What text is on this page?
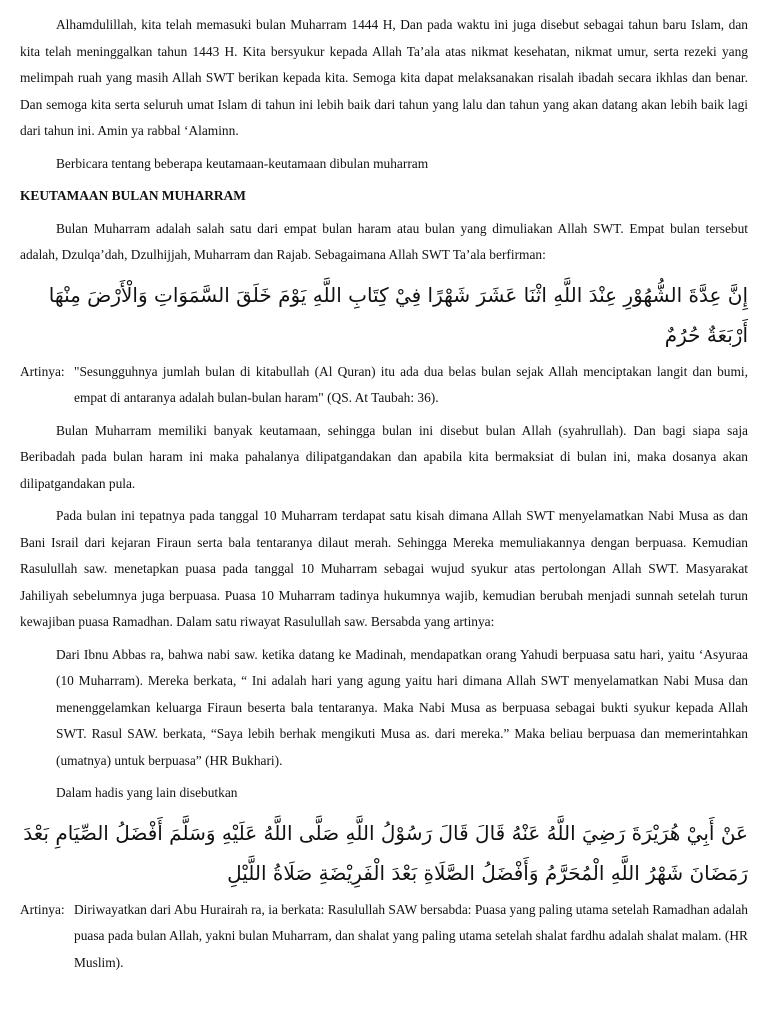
Alhamdulillah, kita telah memasuki bulan Muharram 1444 H, Dan pada waktu ini juga disebut sebagai tahun baru Islam, dan kita telah meninggalkan tahun 1443 H. Kita bersyukur kepada Allah Ta’ala atas nikmat kesehatan, nikmat umur, serta rezeki yang melimpah ruah yang masih Allah SWT berikan kepada kita. Semoga kita dapat melaksanakan risalah ibadah secara ikhlas dan benar. Dan semoga kita serta seluruh umat Islam di tahun ini lebih baik dari tahun yang lalu dan tahun yang akan datang akan lebih baik lagi dari tahun ini. Amin ya rabbal ‘Alaminn.

Berbicara tentang beberapa keutamaan-keutamaan dibulan muharram

KEUTAMAAN BULAN MUHARRAM

Bulan Muharram adalah salah satu dari empat bulan haram atau bulan yang dimuliakan Allah SWT. Empat bulan tersebut adalah, Dzulqa’dah, Dzulhijjah, Muharram dan Rajab. Sebagaimana Allah SWT Ta’ala berfirman:

إِنَّ عِدَّةَ الشُّهُوْرِ عِنْدَ اللَّهِ اثْنَا عَشَرَ شَهْرًا فِيْ كِتَابِ اللَّهِ يَوْمَ خَلَقَ السَّمَوَاتِ وَالْأَرْضَ مِنْهَا أَرْبَعَةٌ حُرُمٌ

Artinya: "Sesungguhnya jumlah bulan di kitabullah (Al Quran) itu ada dua belas bulan sejak Allah menciptakan langit dan bumi, empat di antaranya adalah bulan-bulan haram" (QS. At Taubah: 36).

Bulan Muharram memiliki banyak keutamaan, sehingga bulan ini disebut bulan Allah (syahrullah). Dan bagi siapa saja Beribadah pada bulan haram ini maka pahalanya dilipatgandakan dan apabila kita bermaksiat di bulan ini, maka dosanya akan dilipatgandakan pula.

Pada bulan ini tepatnya pada tanggal 10 Muharram terdapat satu kisah dimana Allah SWT menyelamatkan Nabi Musa as dan Bani Israil dari kejaran Firaun serta bala tentaranya dilaut merah. Sehingga Mereka memuliakannya dengan berpuasa. Kemudian Rasulullah saw. menetapkan puasa pada tanggal 10 Muharram sebagai wujud syukur atas pertolongan Allah SWT. Masyarakat Jahiliyah sebelumnya juga berpuasa. Puasa 10 Muharram tadinya hukumnya wajib, kemudian berubah menjadi sunnah setelah turun kewajiban puasa Ramadhan. Dalam satu riwayat Rasulullah saw. Bersabda yang artinya:

Dari Ibnu Abbas ra, bahwa nabi saw. ketika datang ke Madinah, mendapatkan orang Yahudi berpuasa satu hari, yaitu ‘Asyuraa (10 Muharram). Mereka berkata, “ Ini adalah hari yang agung yaitu hari dimana Allah SWT menyelamatkan Nabi Musa dan menenggelamkan keluarga Firaun beserta bala tentaranya. Maka Nabi Musa as berpuasa sebagai bukti syukur kepada Allah SWT. Rasul SAW. berkata, “Saya lebih berhak mengikuti Musa as. dari mereka.” Maka beliau berpuasa dan memerintahkan (umatnya) untuk berpuasa” (HR Bukhari).

Dalam hadis yang lain disebutkan

عَنْ أَبِيْ هُرَيْرَةَ رَضِيَ اللَّهُ عَنْهُ قَالَ قَالَ رَسُوْلُ اللَّهِ صَلَّى اللَّهُ عَلَيْهِ وَسَلَّمَ أَفْضَلُ الصِّيَامِ بَعْدَ رَمَضَانَ شَهْرُ اللَّهِ الْمُحَرَّمُ وَأَفْضَلُ الصَّلَاةِ بَعْدَ الْفَرِيْضَةِ صَلَاةُ اللَّيْلِ

Artinya: Diriwayatkan dari Abu Hurairah ra, ia berkata: Rasulullah SAW bersabda: Puasa yang paling utama setelah Ramadhan adalah puasa pada bulan Allah, yakni bulan Muharram, dan shalat yang paling utama setelah shalat fardhu adalah shalat malam. (HR Muslim).
